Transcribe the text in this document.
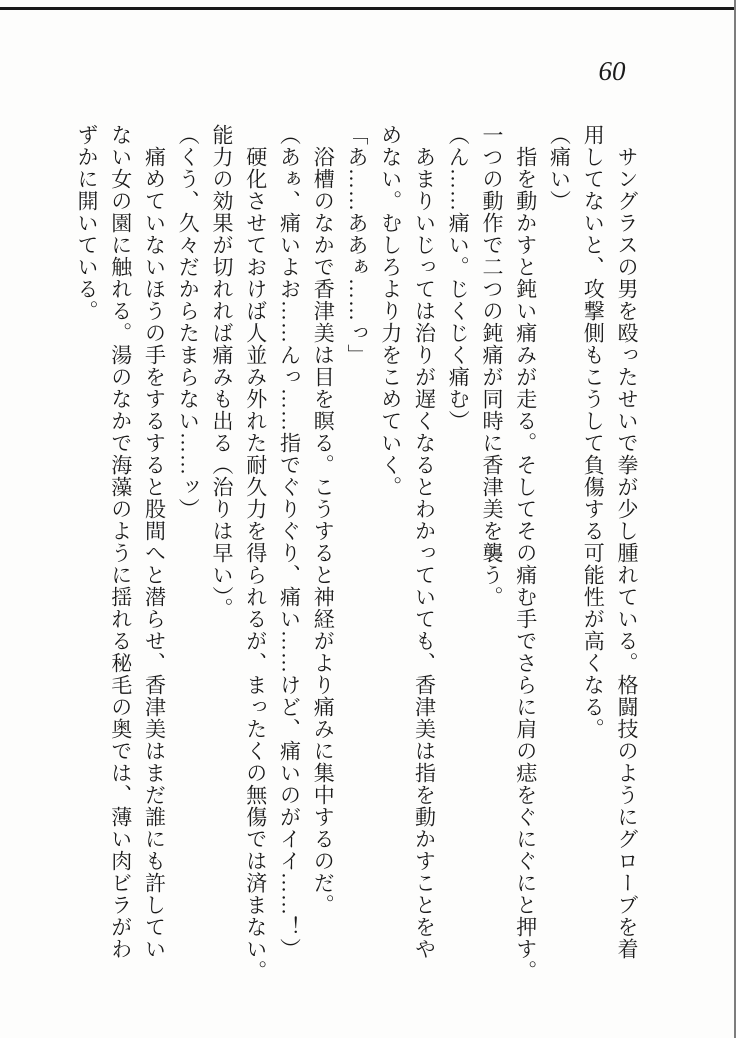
60

　サングラスの男を殴ったせいで拳が少し腫れている。格闘技のようにグローブを着

用してないと、攻撃側もこうして負傷する可能性が高くなる。

（痛い）

　指を動かすと鈍い痛みが走る。そしてその痛む手でさらに肩の痣をぐにぐにと押す。

一つの動作で二つの鈍痛が同時に香津美を襲う。

（ん……痛い。じくじく痛む）

　あまりいじっては治りが遅くなるとわかっていても、香津美は指を動かすことをや

めない。むしろより力をこめていく。

「あ……ああぁ……っ」

　浴槽のなかで香津美は目を瞑る。こうすると神経がより痛みに集中するのだ。

（あぁ、痛いよお……んっ……指でぐりぐり、痛い……けど、痛いのがイイ……！）

　硬化させておけば人並み外れた耐久力を得られるが、まったくの無傷では済まない。

能力の効果が切れれば痛みも出る（治りは早い）。

（くう、久々だからたまらない……ッ）

　痛めていないほうの手をするすると股間へと潜らせ、香津美はまだ誰にも許してい

ない女の園に触れる。湯のなかで海藻のように揺れる秘毛の奥では、薄い肉ビラがわ

ずかに開いている。
